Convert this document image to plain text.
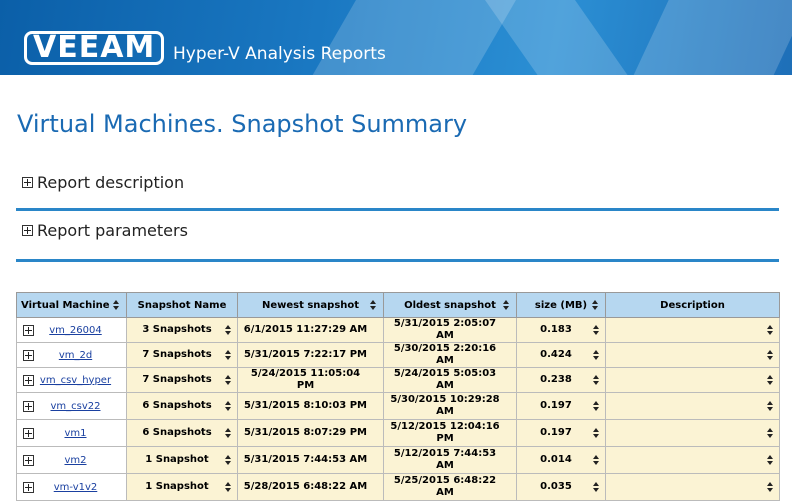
VEEAM	Hyper-V Analysis Reports
Virtual Machines. Snapshot Summary
Report description
Report parameters
Virtual Machine	Snapshot Name	Newest snapshot	Oldest snapshot	size (MB)	Description

vm_26004	3 Snapshots	6/1/2015 11:27:29 AM	5/31/2015 2:05:07 AM	0.183

vm_2d	7 Snapshots	5/31/2015 7:22:17 PM	5/30/2015 2:20:16 AM	0.424

vm_csv_hyper	7 Snapshots	5/24/2015 11:05:04 PM	5/24/2015 5:05:03 AM	0.238

vm_csv22	6 Snapshots	5/31/2015 8:10:03 PM	5/30/2015 10:29:28 AM	0.197

vm1	6 Snapshots	5/31/2015 8:07:29 PM	5/12/2015 12:04:16 PM	0.197

vm2	1 Snapshot	5/31/2015 7:44:53 AM	5/12/2015 7:44:53 AM	0.014

vm-v1v2	1 Snapshot	5/28/2015 6:48:22 AM	5/25/2015 6:48:22 AM	0.035
